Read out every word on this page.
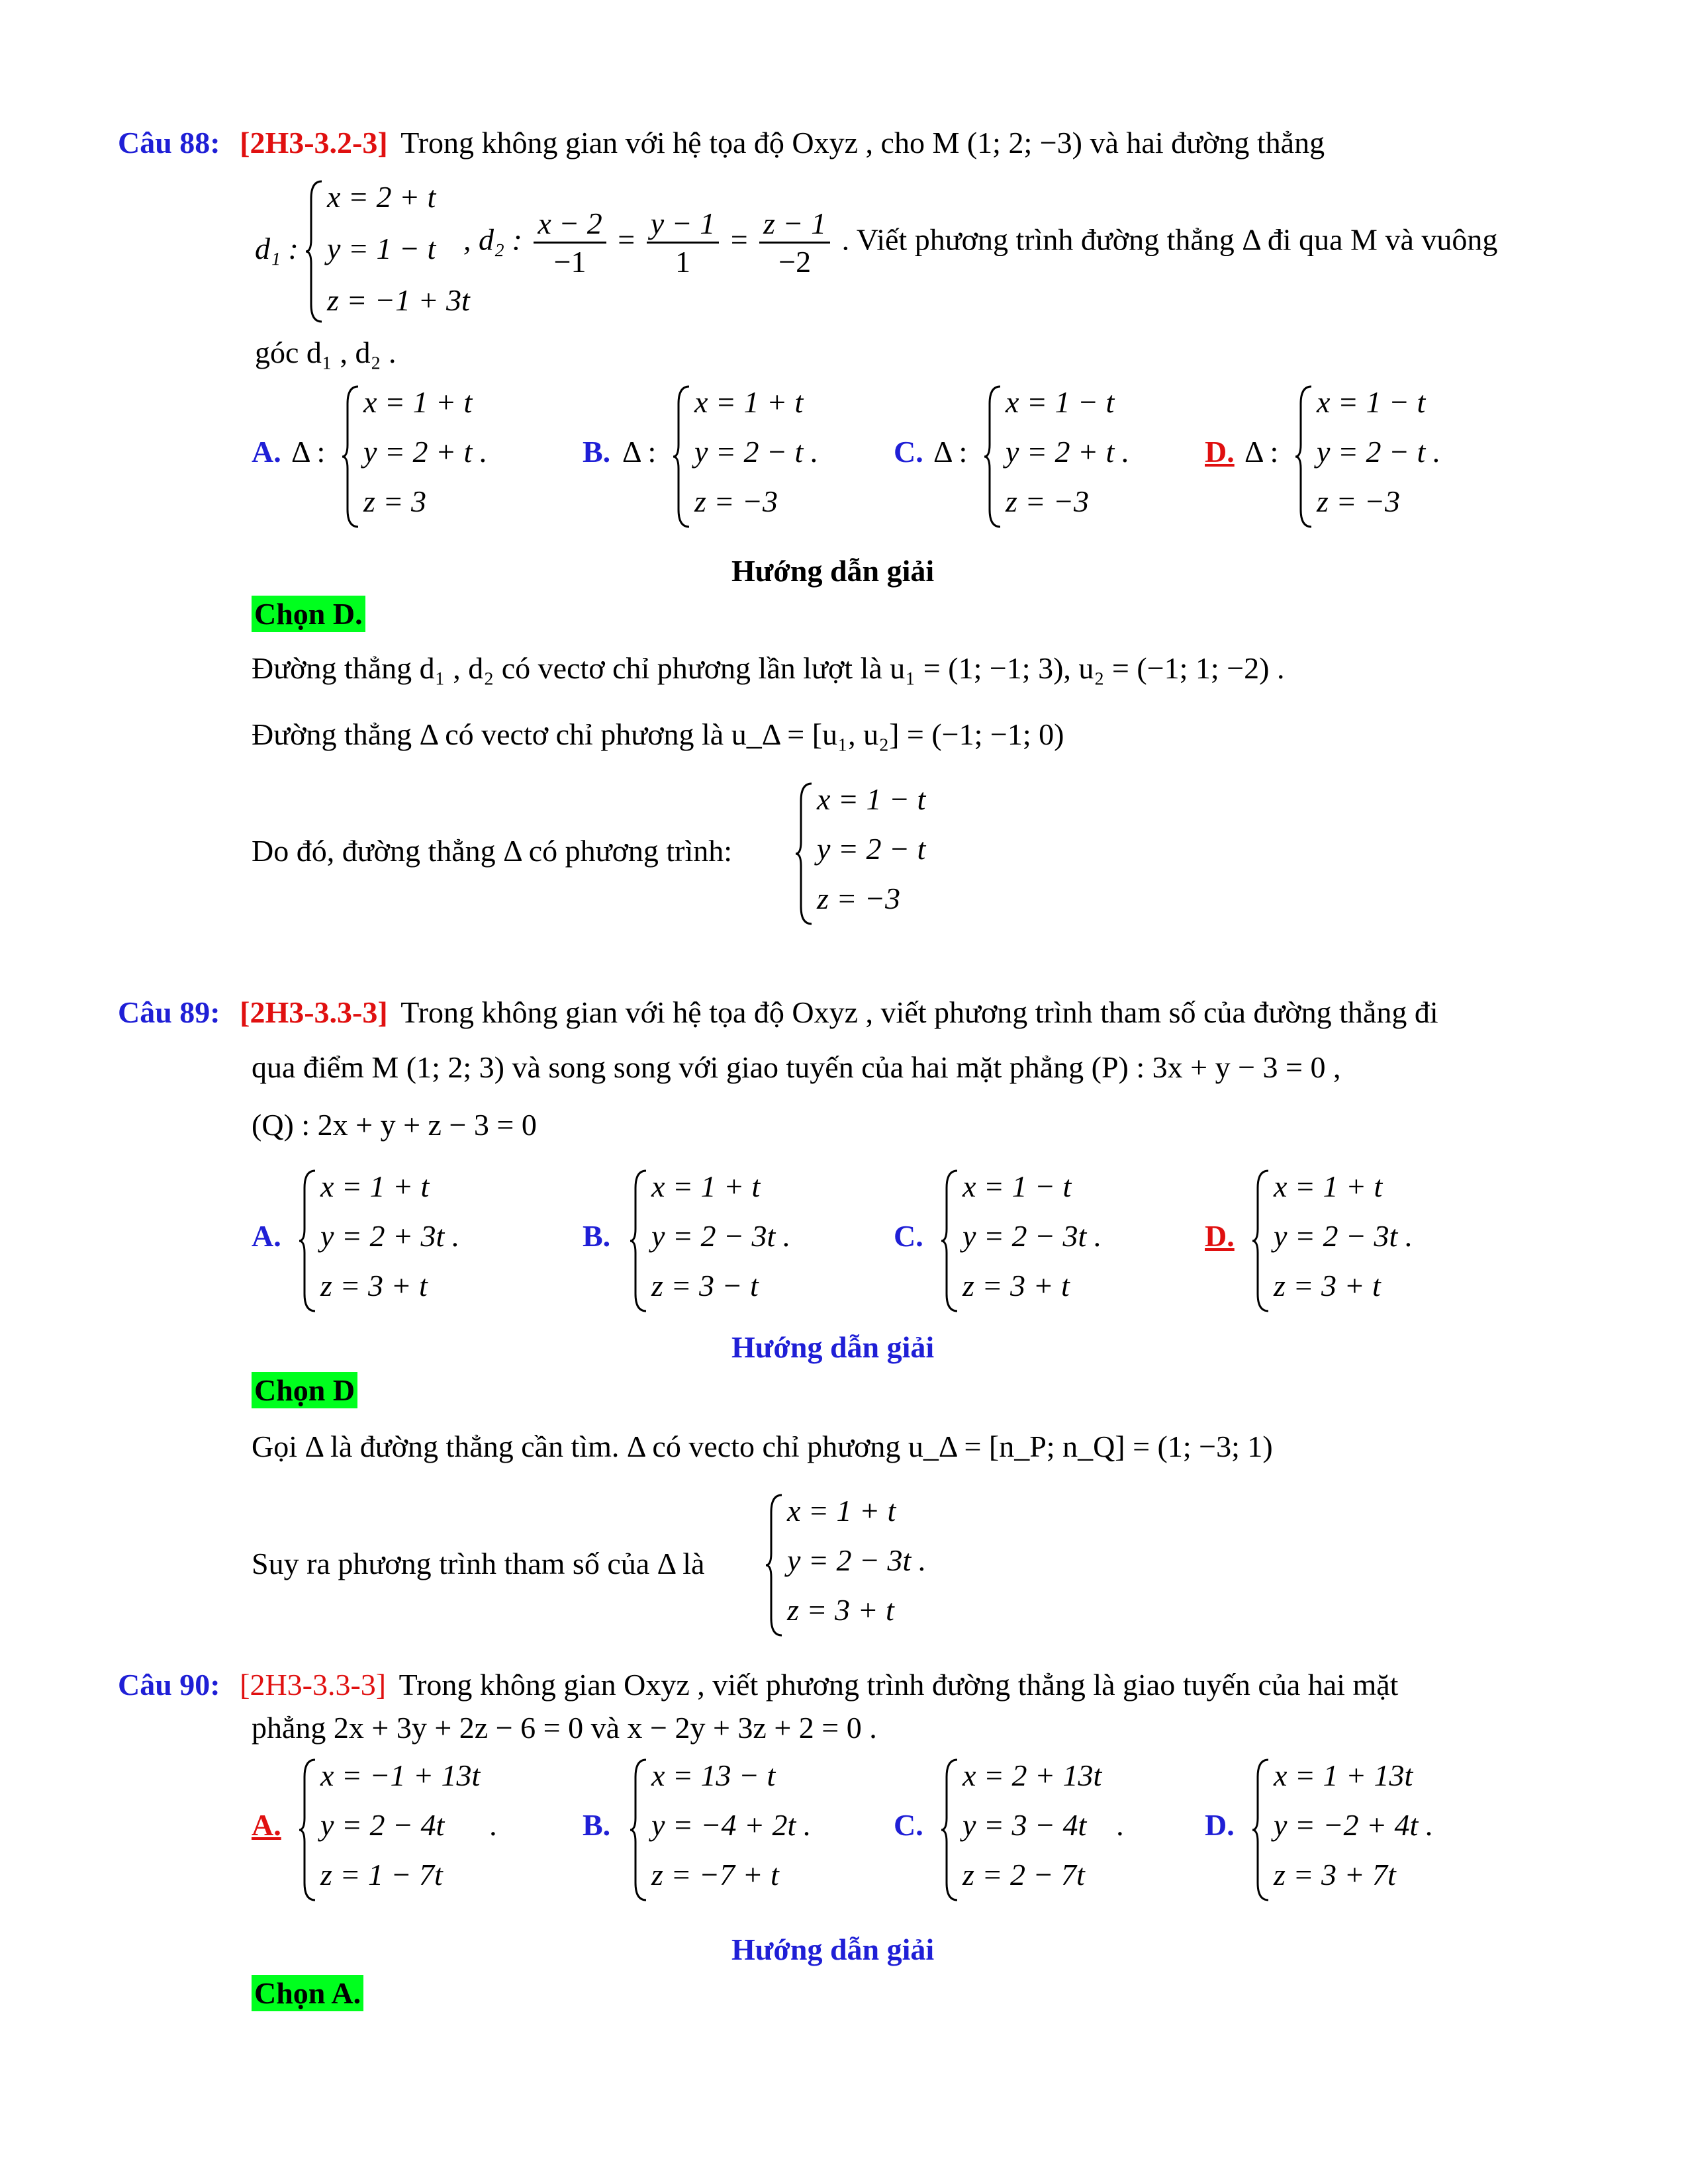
Câu 88: [2H3-3.2-3] Trong không gian với hệ tọa độ Oxyz , cho M (1; 2; −3) và hai đường thẳng
d₁ :
x = 2 + t
y = 1 − t
z = −1 + 3t
, d₂ : $\frac{x - 2}{-1} = \frac{y - 1}{1} = \frac{z - 1}{-2}$ . Viết phương trình đường thẳng Δ đi qua M và vuông
góc d₁ , d₂ .
A. Δ :
x = 1 + t
y = 2 + t .
z = 3
B. Δ :
x = 1 + t
y = 2 − t .
z = −3
C. Δ :
x = 1 − t
y = 2 + t .
z = −3
D. Δ :
x = 1 − t
y = 2 − t .
z = −3
Hướng dẫn giải
Chọn D.
Đường thẳng d₁ , d₂ có vectơ chỉ phương lần lượt là u₁ = (1; −1; 3), u₂ = (−1; 1; −2) .
Đường thẳng Δ có vectơ chỉ phương là u_Δ = [u₁, u₂] = (−1; −1; 0)
Do đó, đường thẳng Δ có phương trình:
x = 1 − t
y = 2 − t
z = −3
Câu 89: [2H3-3.3-3] Trong không gian với hệ tọa độ Oxyz , viết phương trình tham số của đường thẳng đi
qua điểm M (1; 2; 3) và song song với giao tuyến của hai mặt phẳng (P) : 3x + y − 3 = 0 ,
(Q) : 2x + y + z − 3 = 0
A.
x = 1 + t
y = 2 + 3t .
z = 3 + t
B.
x = 1 + t
y = 2 − 3t .
z = 3 − t
C.
x = 1 − t
y = 2 − 3t .
z = 3 + t
D.
x = 1 + t
y = 2 − 3t .
z = 3 + t
Hướng dẫn giải
Chọn D
Gọi Δ là đường thẳng cần tìm. Δ có vecto chỉ phương u_Δ = [n_P; n_Q] = (1; −3; 1)
Suy ra phương trình tham số của Δ là
x = 1 + t
y = 2 − 3t .
z = 3 + t
Câu 90: [2H3-3.3-3] Trong không gian Oxyz , viết phương trình đường thẳng là giao tuyến của hai mặt
phẳng 2x + 3y + 2z − 6 = 0 và x − 2y + 3z + 2 = 0 .
A.
x = −1 + 13t
y = 2 − 4t      .
z = 1 − 7t
B.
x = 13 − t
y = −4 + 2t .
z = −7 + t
C.
x = 2 + 13t
y = 3 − 4t    .
z = 2 − 7t
D.
x = 1 + 13t
y = −2 + 4t .
z = 3 + 7t
Hướng dẫn giải
Chọn A.
